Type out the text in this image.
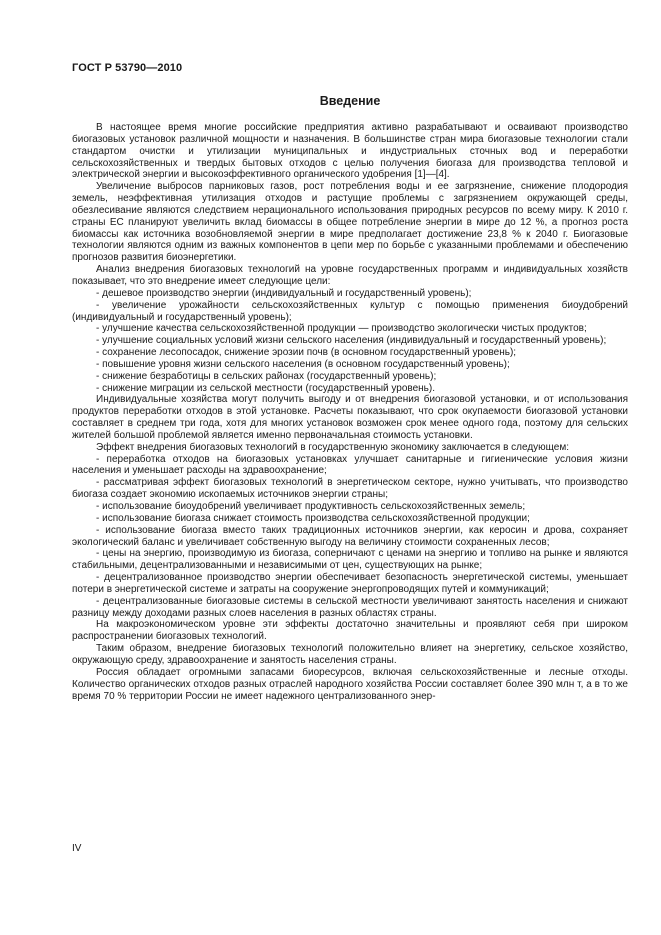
ГОСТ Р 53790—2010
Введение

В настоящее время многие российские предприятия активно разрабатывают и осваивают производство биогазовых установок различной мощности и назначения. В большинстве стран мира биогазовые технологии стали стандартом очистки и утилизации муниципальных и индустриальных сточных вод и переработки сельскохозяйственных и твердых бытовых отходов с целью получения биогаза для производства тепловой и электрической энергии и высокоэффективного органического удобрения [1]—[4].

Увеличение выбросов парниковых газов, рост потребления воды и ее загрязнение, снижение плодородия земель, неэффективная утилизация отходов и растущие проблемы с загрязнением окружающей среды, обезлесивание являются следствием нерационального использования природных ресурсов по всему миру. К 2010 г. страны ЕС планируют увеличить вклад биомассы в общее потребление энергии в мире до 12 %, а прогноз роста биомассы как источника возобновляемой энергии в мире предполагает достижение 23,8 % к 2040 г. Биогазовые технологии являются одним из важных компонентов в цепи мер по борьбе с указанными проблемами и обеспечению прогнозов развития биоэнергетики.

Анализ внедрения биогазовых технологий на уровне государственных программ и индивидуальных хозяйств показывает, что это внедрение имеет следующие цели:

- дешевое производство энергии (индивидуальный и государственный уровень);

- увеличение урожайности сельскохозяйственных культур с помощью применения биоудобрений (индивидуальный и государственный уровень);

- улучшение качества сельскохозяйственной продукции — производство экологически чистых продуктов;

- улучшение социальных условий жизни сельского населения (индивидуальный и государственный уровень);

- сохранение лесопосадок, снижение эрозии почв (в основном государственный уровень);

- повышение уровня жизни сельского населения (в основном государственный уровень);

- снижение безработицы в сельских районах (государственный уровень);

- снижение миграции из сельской местности (государственный уровень).

Индивидуальные хозяйства могут получить выгоду и от внедрения биогазовой установки, и от использования продуктов переработки отходов в этой установке. Расчеты показывают, что срок окупаемости биогазовой установки составляет в среднем три года, хотя для многих установок возможен срок менее одного года, поэтому для сельских жителей большой проблемой является именно первоначальная стоимость установки.

Эффект внедрения биогазовых технологий в государственную экономику заключается в следующем:

- переработка отходов на биогазовых установках улучшает санитарные и гигиенические условия жизни населения и уменьшает расходы на здравоохранение;

- рассматривая эффект биогазовых технологий в энергетическом секторе, нужно учитывать, что производство биогаза создает экономию ископаемых источников энергии страны;

- использование биоудобрений увеличивает продуктивность сельскохозяйственных земель;

- использование биогаза снижает стоимость производства сельскохозяйственной продукции;

- использование биогаза вместо таких традиционных источников энергии, как керосин и дрова, сохраняет экологический баланс и увеличивает собственную выгоду на величину стоимости сохраненных лесов;

- цены на энергию, производимую из биогаза, соперничают с ценами на энергию и топливо на рынке и являются стабильными, децентрализованными и независимыми от цен, существующих на рынке;

- децентрализованное производство энергии обеспечивает безопасность энергетической системы, уменьшает потери в энергетической системе и затраты на сооружение энергопроводящих путей и коммуникаций;

- децентрализованные биогазовые системы в сельской местности увеличивают занятость населения и снижают разницу между доходами разных слоев населения в разных областях страны.

На макроэкономическом уровне эти эффекты достаточно значительны и проявляют себя при широком распространении биогазовых технологий.

Таким образом, внедрение биогазовых технологий положительно влияет на энергетику, сельское хозяйство, окружающую среду, здравоохранение и занятость населения страны.

Россия обладает огромными запасами биоресурсов, включая сельскохозяйственные и лесные отходы. Количество органических отходов разных отраслей народного хозяйства России составляет более 390 млн т, а в то же время 70 % территории России не имеет надежного централизованного энер-

IV
